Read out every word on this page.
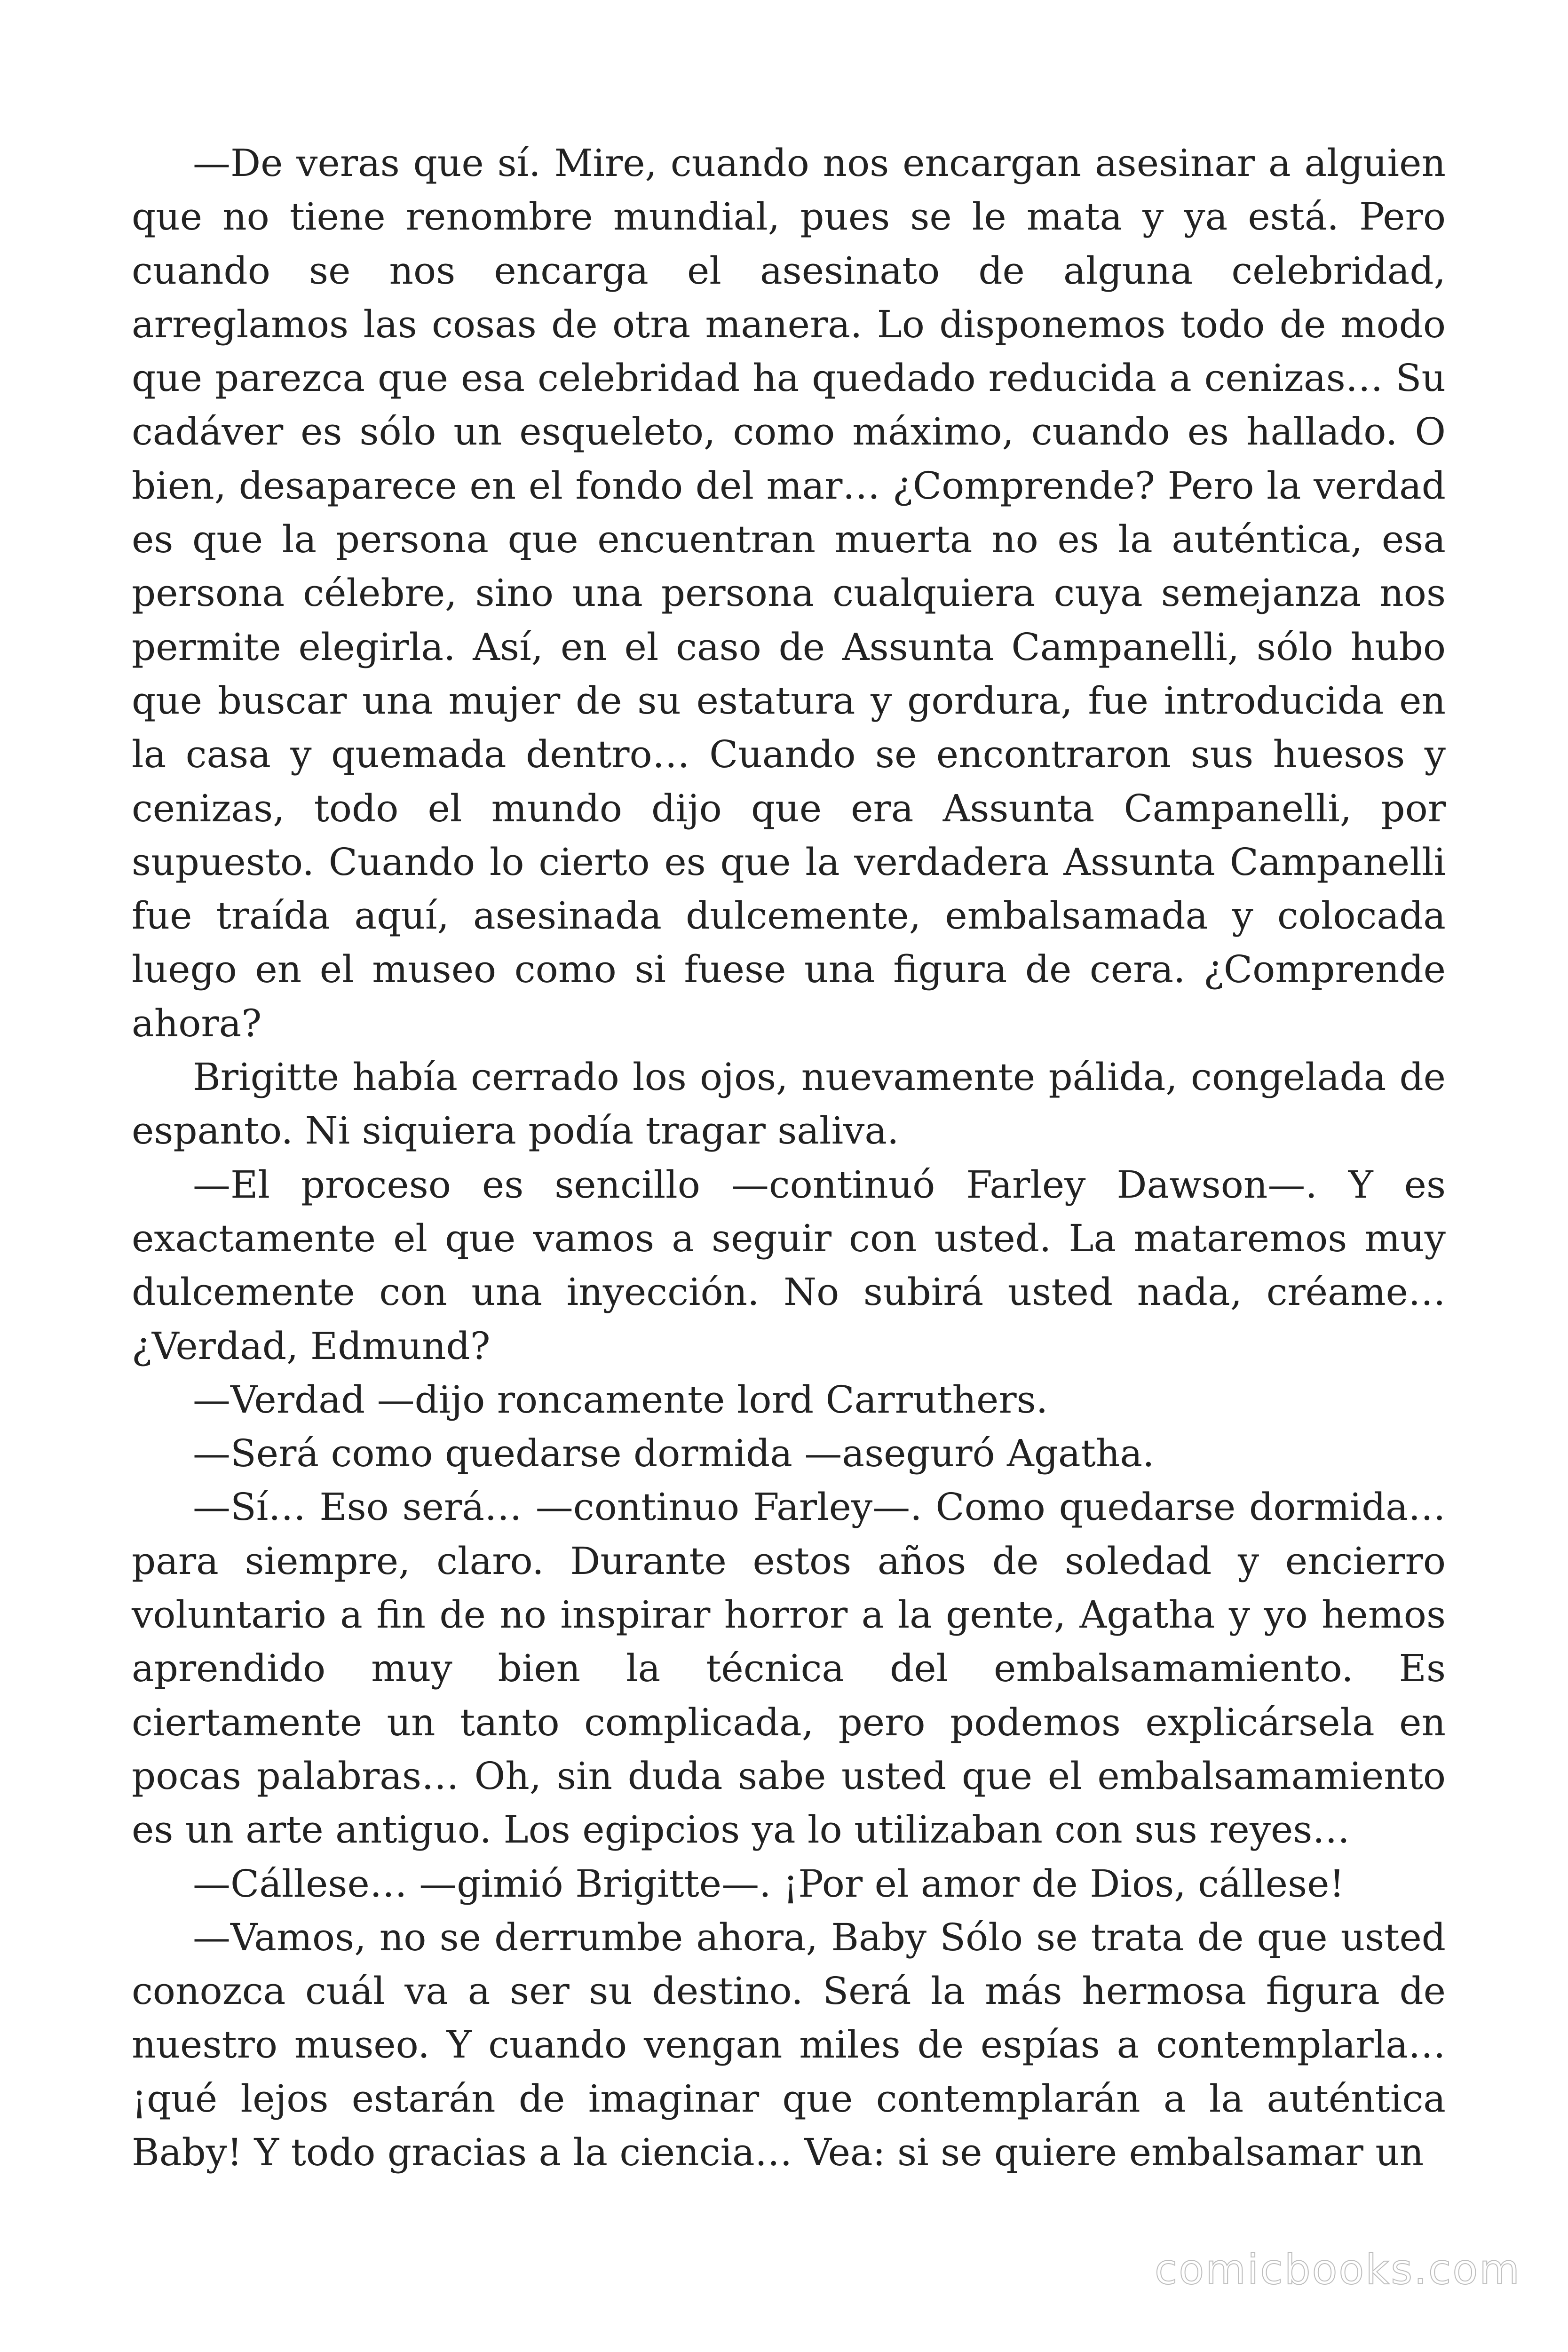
—De veras que sí. Mire, cuando nos encargan asesinar a alguien que no tiene renombre mundial, pues se le mata y ya está. Pero cuando se nos encarga el asesinato de alguna celebridad, arreglamos las cosas de otra manera. Lo disponemos todo de modo que parezca que esa celebridad ha quedado reducida a cenizas… Su cadáver es sólo un esqueleto, como máximo, cuando es hallado. O bien, desaparece en el fondo del mar… ¿Comprende? Pero la verdad es que la persona que encuentran muerta no es la auténtica, esa persona célebre, sino una persona cualquiera cuya semejanza nos permite elegirla. Así, en el caso de Assunta Campanelli, sólo hubo que buscar una mujer de su estatura y gordura, fue introducida en la casa y quemada dentro… Cuando se encontraron sus huesos y cenizas, todo el mundo dijo que era Assunta Campanelli, por supuesto. Cuando lo cierto es que la verdadera Assunta Campanelli fue traída aquí, asesinada dulcemente, embalsamada y colocada luego en el museo como si fuese una figura de cera. ¿Comprende ahora?

Brigitte había cerrado los ojos, nuevamente pálida, congelada de espanto. Ni siquiera podía tragar saliva.

—El proceso es sencillo —continuó Farley Dawson—. Y es exactamente el que vamos a seguir con usted. La mataremos muy dulcemente con una inyección. No subirá usted nada, créame… ¿Verdad, Edmund?

—Verdad —dijo roncamente lord Carruthers.

—Será como quedarse dormida —aseguró Agatha.

—Sí… Eso será… —continuo Farley—. Como quedarse dormida… para siempre, claro. Durante estos años de soledad y encierro voluntario a fin de no inspirar horror a la gente, Agatha y yo hemos aprendido muy bien la técnica del embalsamamiento. Es ciertamente un tanto complicada, pero podemos explicársela en pocas palabras… Oh, sin duda sabe usted que el embalsamamiento es un arte antiguo. Los egipcios ya lo utilizaban con sus reyes…

—Cállese… —gimió Brigitte—. ¡Por el amor de Dios, cállese!

—Vamos, no se derrumbe ahora, Baby Sólo se trata de que usted conozca cuál va a ser su destino. Será la más hermosa figura de nuestro museo. Y cuando vengan miles de espías a contemplarla… ¡qué lejos estarán de imaginar que contemplarán a la auténtica Baby! Y todo gracias a la ciencia… Vea: si se quiere embalsamar un

comicbooks.com
